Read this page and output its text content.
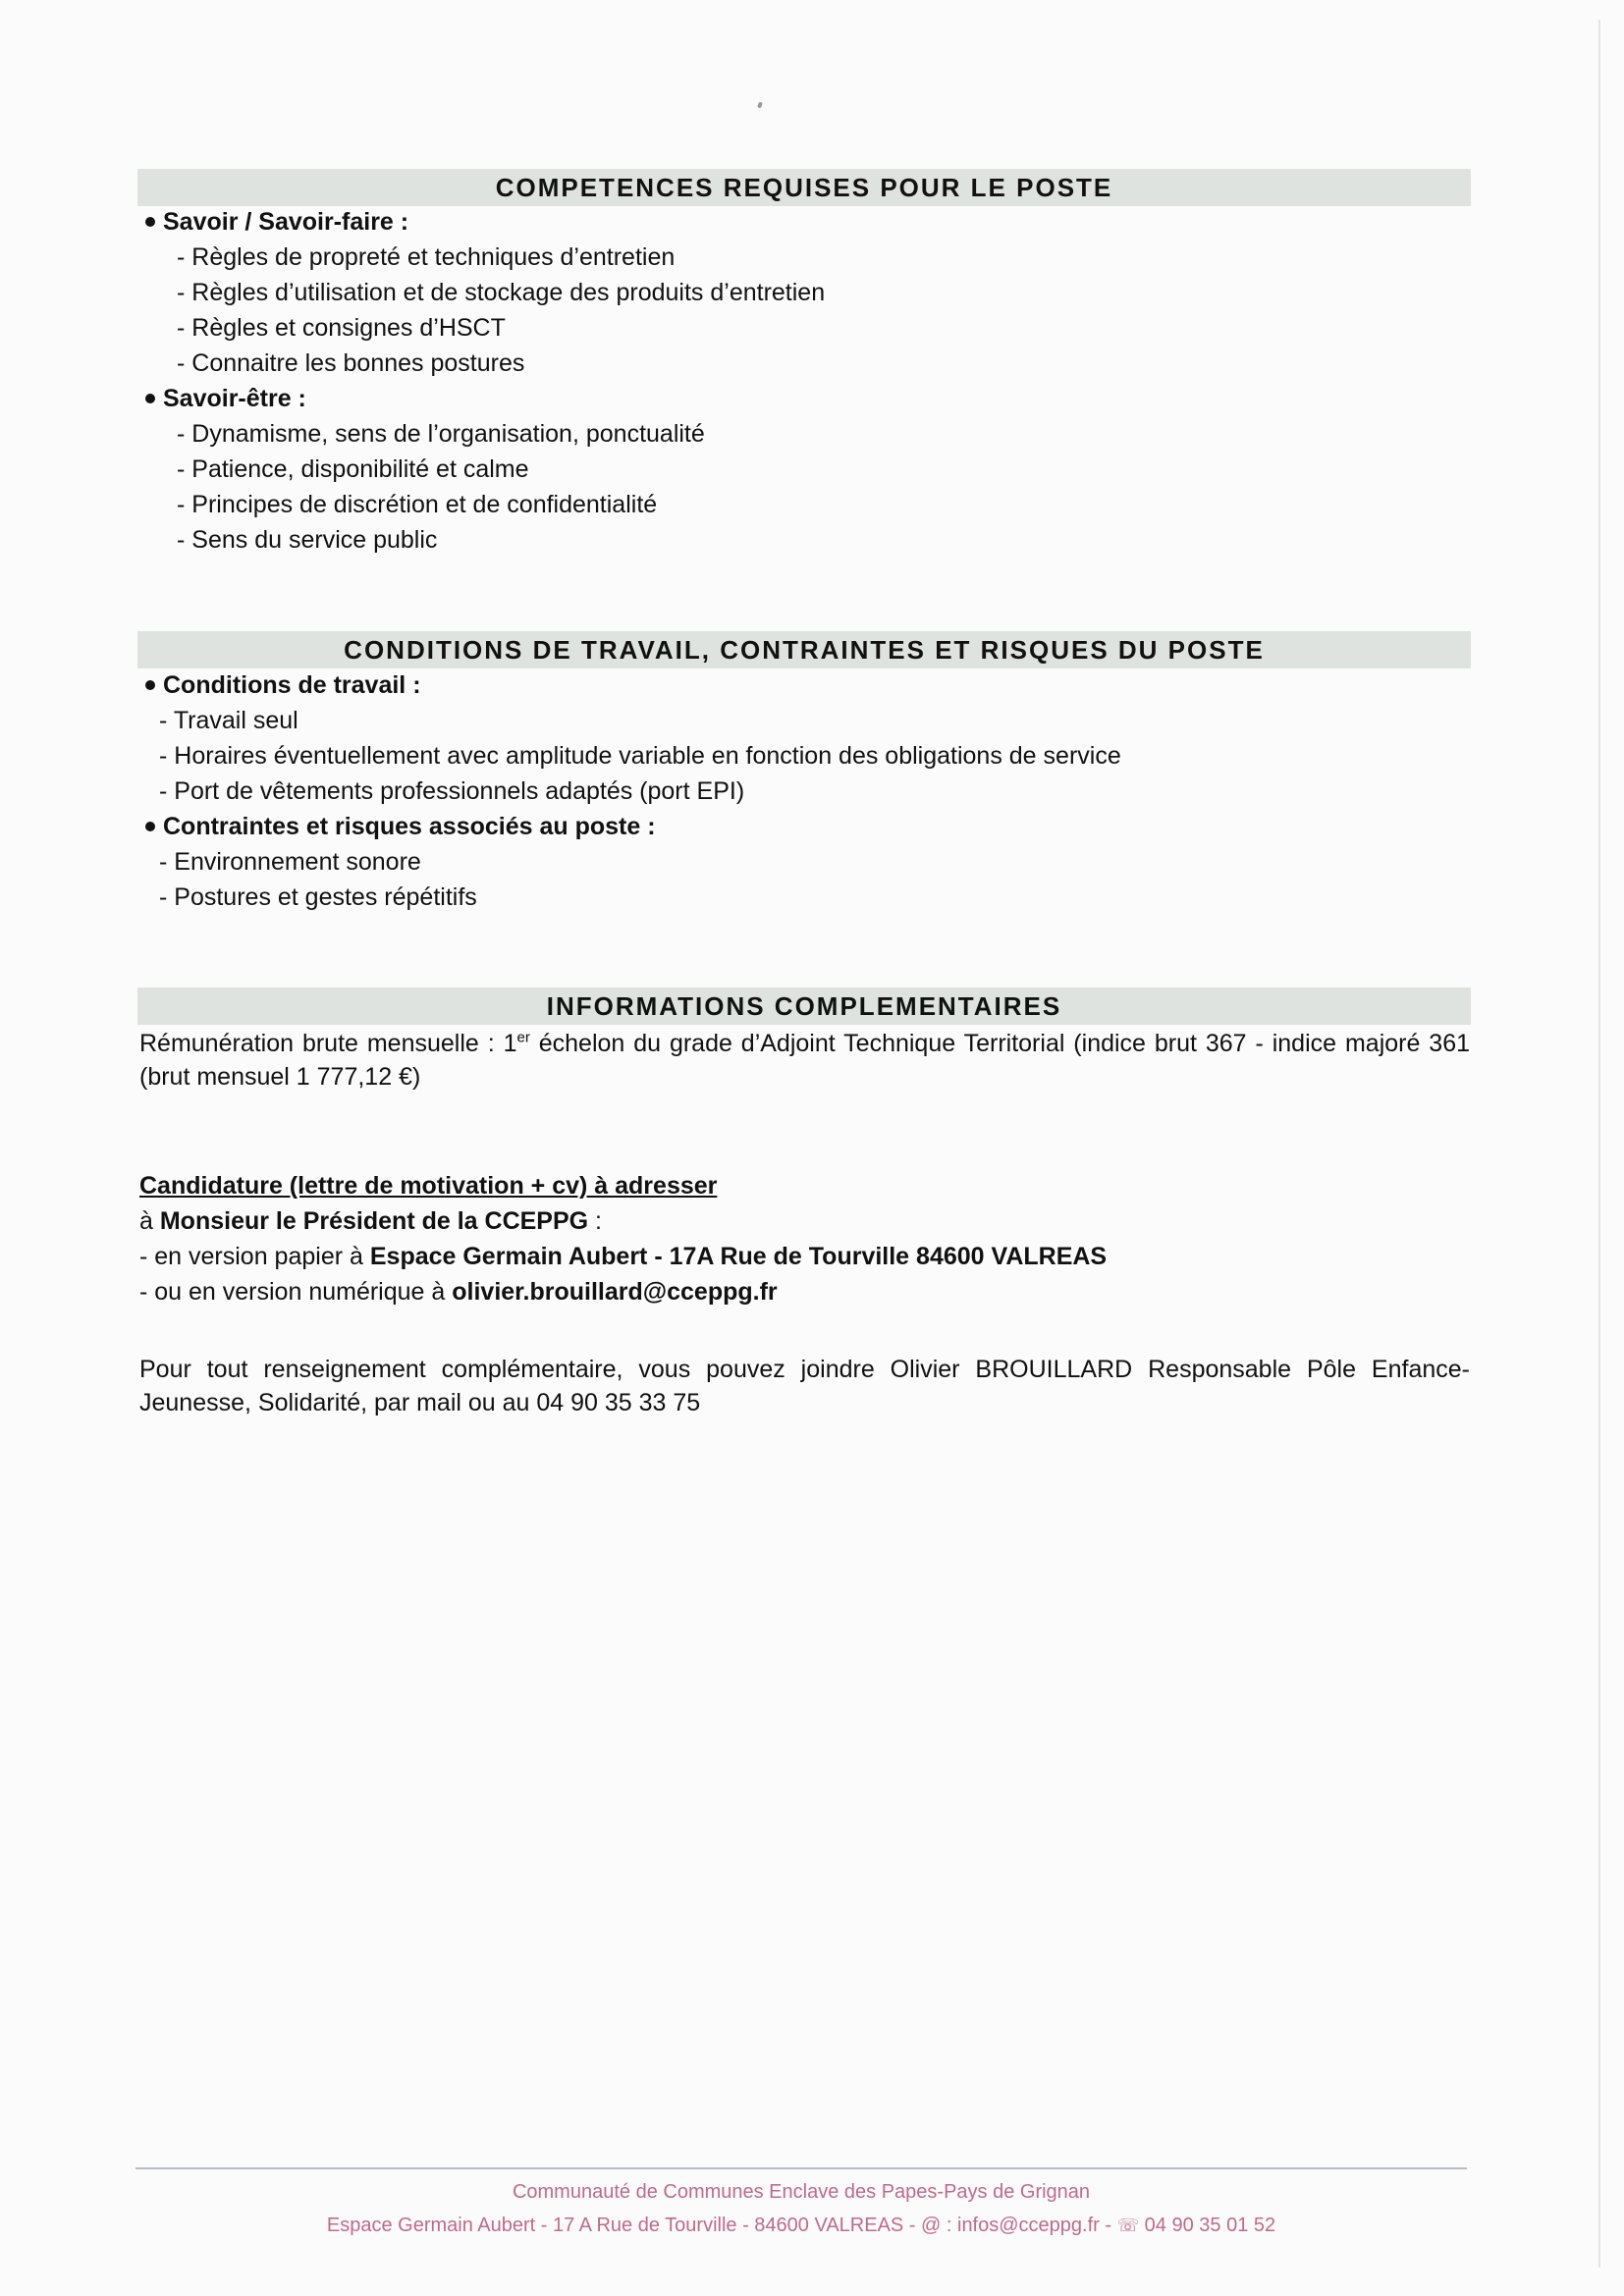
COMPETENCES REQUISES POUR LE POSTE
Savoir / Savoir-faire :
- Règles de propreté et techniques d’entretien
- Règles d’utilisation et de stockage des produits d’entretien
- Règles et consignes d’HSCT
- Connaitre les bonnes postures
Savoir-être :
- Dynamisme, sens de l’organisation, ponctualité
- Patience, disponibilité et calme
- Principes de discrétion et de confidentialité
- Sens du service public
CONDITIONS DE TRAVAIL, CONTRAINTES ET RISQUES DU POSTE
Conditions de travail :
- Travail seul
- Horaires éventuellement avec amplitude variable en fonction des obligations de service
- Port de vêtements professionnels adaptés (port EPI)
Contraintes et risques associés au poste :
- Environnement sonore
- Postures et gestes répétitifs
INFORMATIONS COMPLEMENTAIRES
Rémunération brute mensuelle : 1er échelon du grade d’Adjoint Technique Territorial (indice brut 367 - indice majoré 361 (brut mensuel 1 777,12 €)
Candidature (lettre de motivation + cv) à adresser
à Monsieur le Président de la CCEPPG :
- en version papier à Espace Germain Aubert - 17A Rue de Tourville 84600 VALREAS
- ou en version numérique à olivier.brouillard@cceppg.fr
Pour tout renseignement complémentaire, vous pouvez joindre Olivier BROUILLARD Responsable Pôle Enfance-Jeunesse, Solidarité, par mail ou au 04 90 35 33 75
Communauté de Communes Enclave des Papes-Pays de Grignan
Espace Germain Aubert - 17 A Rue de Tourville - 84600 VALREAS - @ : infos@cceppg.fr - ☏ 04 90 35 01 52
